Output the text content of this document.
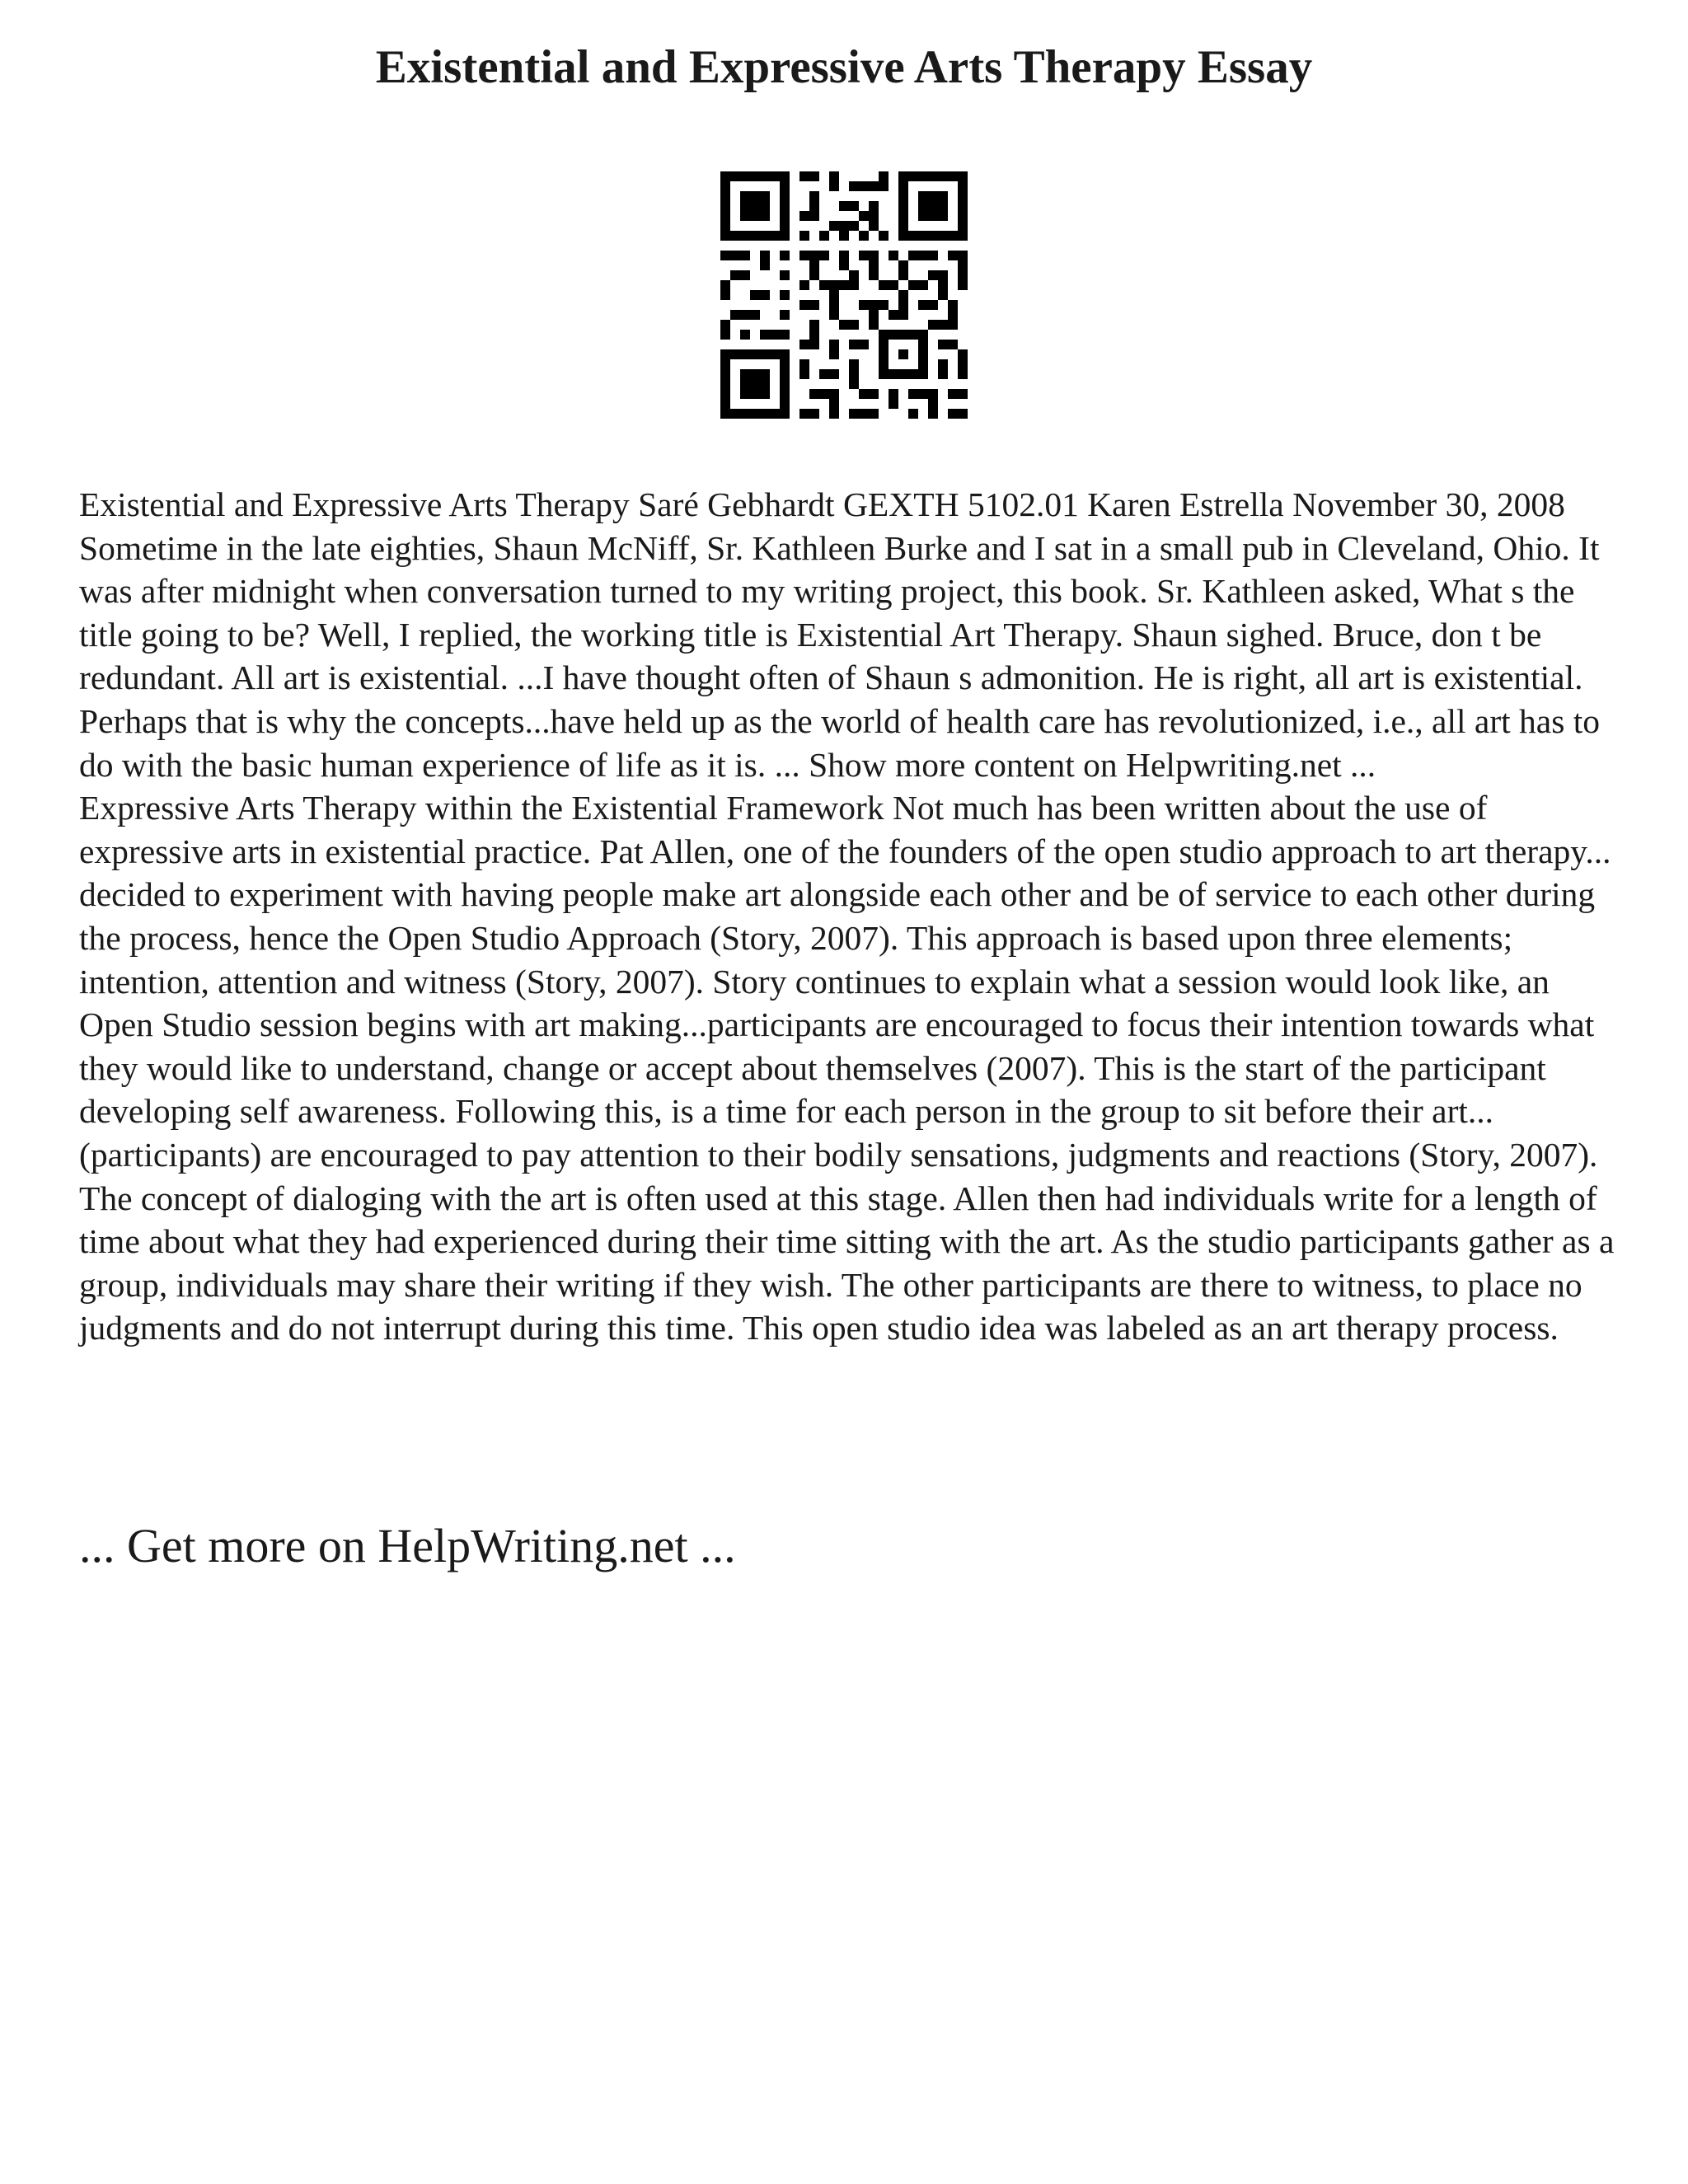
Existential and Expressive Arts Therapy Essay

Existential and Expressive Arts Therapy Saré Gebhardt GEXTH 5102.01 Karen Estrella November 30, 2008 Sometime in the late eighties, Shaun McNiff, Sr. Kathleen Burke and I sat in a small pub in Cleveland, Ohio. It was after midnight when conversation turned to my writing project, this book. Sr. Kathleen asked, What s the title going to be? Well, I replied, the working title is Existential Art Therapy. Shaun sighed. Bruce, don t be redundant. All art is existential. ...I have thought often of Shaun s admonition. He is right, all art is existential. Perhaps that is why the concepts...have held up as the world of health care has revolutionized, i.e., all art has to do with the basic human experience of life as it is. ... Show more content on Helpwriting.net ...

Expressive Arts Therapy within the Existential Framework Not much has been written about the use of expressive arts in existential practice. Pat Allen, one of the founders of the open studio approach to art therapy... decided to experiment with having people make art alongside each other and be of service to each other during the process, hence the Open Studio Approach (Story, 2007). This approach is based upon three elements; intention, attention and witness (Story, 2007). Story continues to explain what a session would look like, an Open Studio session begins with art making...participants are encouraged to focus their intention towards what they would like to understand, change or accept about themselves (2007). This is the start of the participant developing self awareness. Following this, is a time for each person in the group to sit before their art... (participants) are encouraged to pay attention to their bodily sensations, judgments and reactions (Story, 2007). The concept of dialoging with the art is often used at this stage. Allen then had individuals write for a length of time about what they had experienced during their time sitting with the art. As the studio participants gather as a group, individuals may share their writing if they wish. The other participants are there to witness, to place no judgments and do not interrupt during this time. This open studio idea was labeled as an art therapy process.

... Get more on HelpWriting.net ...
